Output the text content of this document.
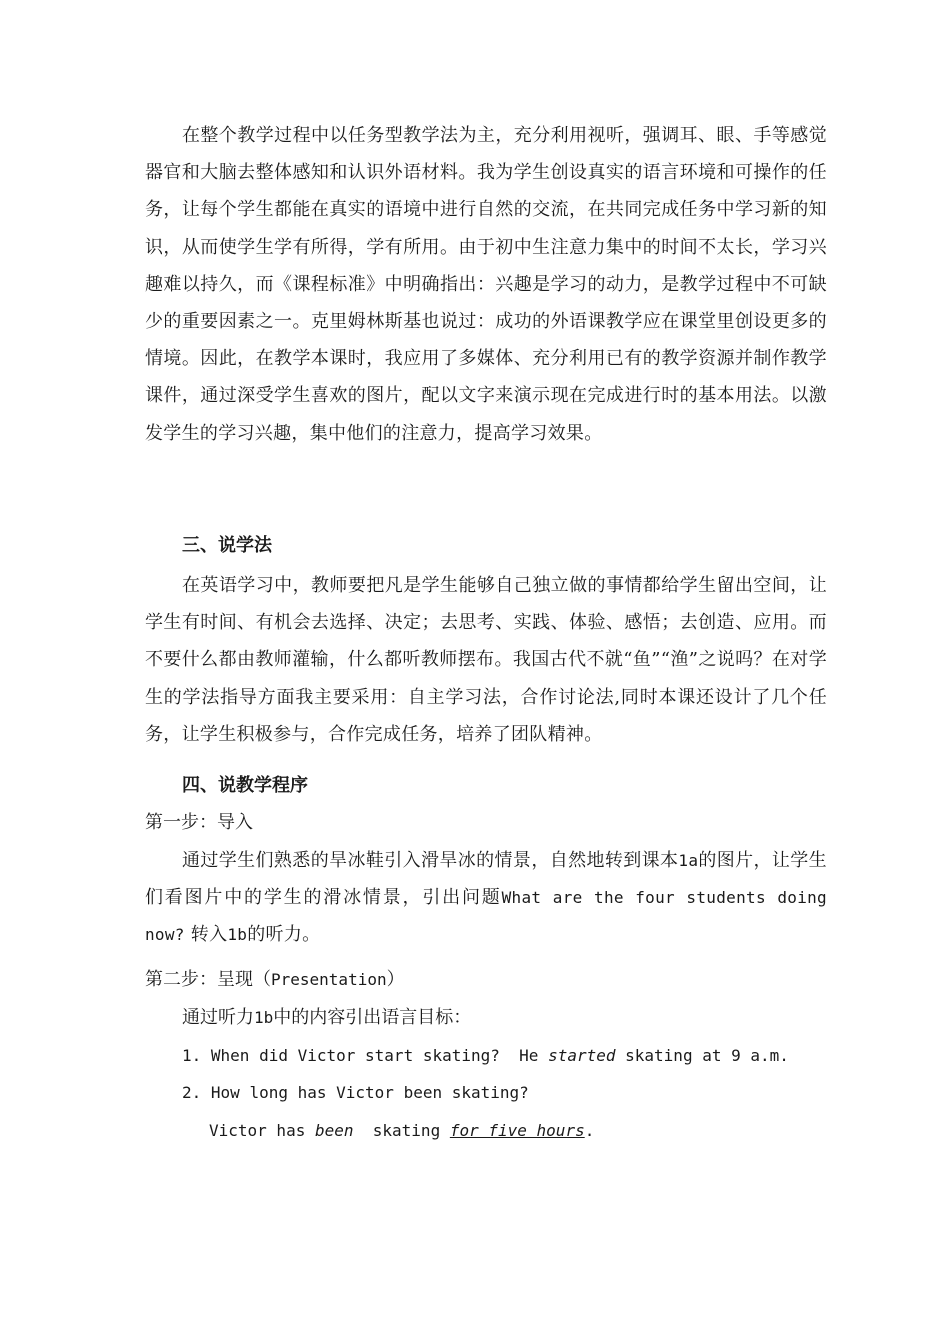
在整个教学过程中以任务型教学法为主，充分利用视听，强调耳、眼、手等感觉器官和大脑去整体感知和认识外语材料。我为学生创设真实的语言环境和可操作的任务，让每个学生都能在真实的语境中进行自然的交流，在共同完成任务中学习新的知识，从而使学生学有所得，学有所用。由于初中生注意力集中的时间不太长，学习兴趣难以持久，而《课程标准》中明确指出：兴趣是学习的动力，是教学过程中不可缺少的重要因素之一。克里姆林斯基也说过：成功的外语课教学应在课堂里创设更多的情境。因此，在教学本课时，我应用了多媒体、充分利用已有的教学资源并制作教学课件，通过深受学生喜欢的图片，配以文字来演示现在完成进行时的基本用法。以激发学生的学习兴趣，集中他们的注意力，提高学习效果。

三、说学法

在英语学习中，教师要把凡是学生能够自己独立做的事情都给学生留出空间，让学生有时间、有机会去选择、决定；去思考、实践、体验、感悟；去创造、应用。而不要什么都由教师灌输，什么都听教师摆布。我国古代不就“鱼”“渔”之说吗？在对学生的学法指导方面我主要采用：自主学习法，合作讨论法,同时本课还设计了几个任务，让学生积极参与，合作完成任务，培养了团队精神。

四、说教学程序

第一步：导入

通过学生们熟悉的旱冰鞋引入滑旱冰的情景，自然地转到课本1a的图片，让学生们看图片中的学生的滑冰情景，引出问题What are the four students doing now? 转入1b的听力。

第二步：呈现（Presentation）

通过听力1b中的内容引出语言目标：

1. When did Victor start skating? He started skating at 9 a.m.

2. How long has Victor been skating?

Victor has been skating for five hours.
